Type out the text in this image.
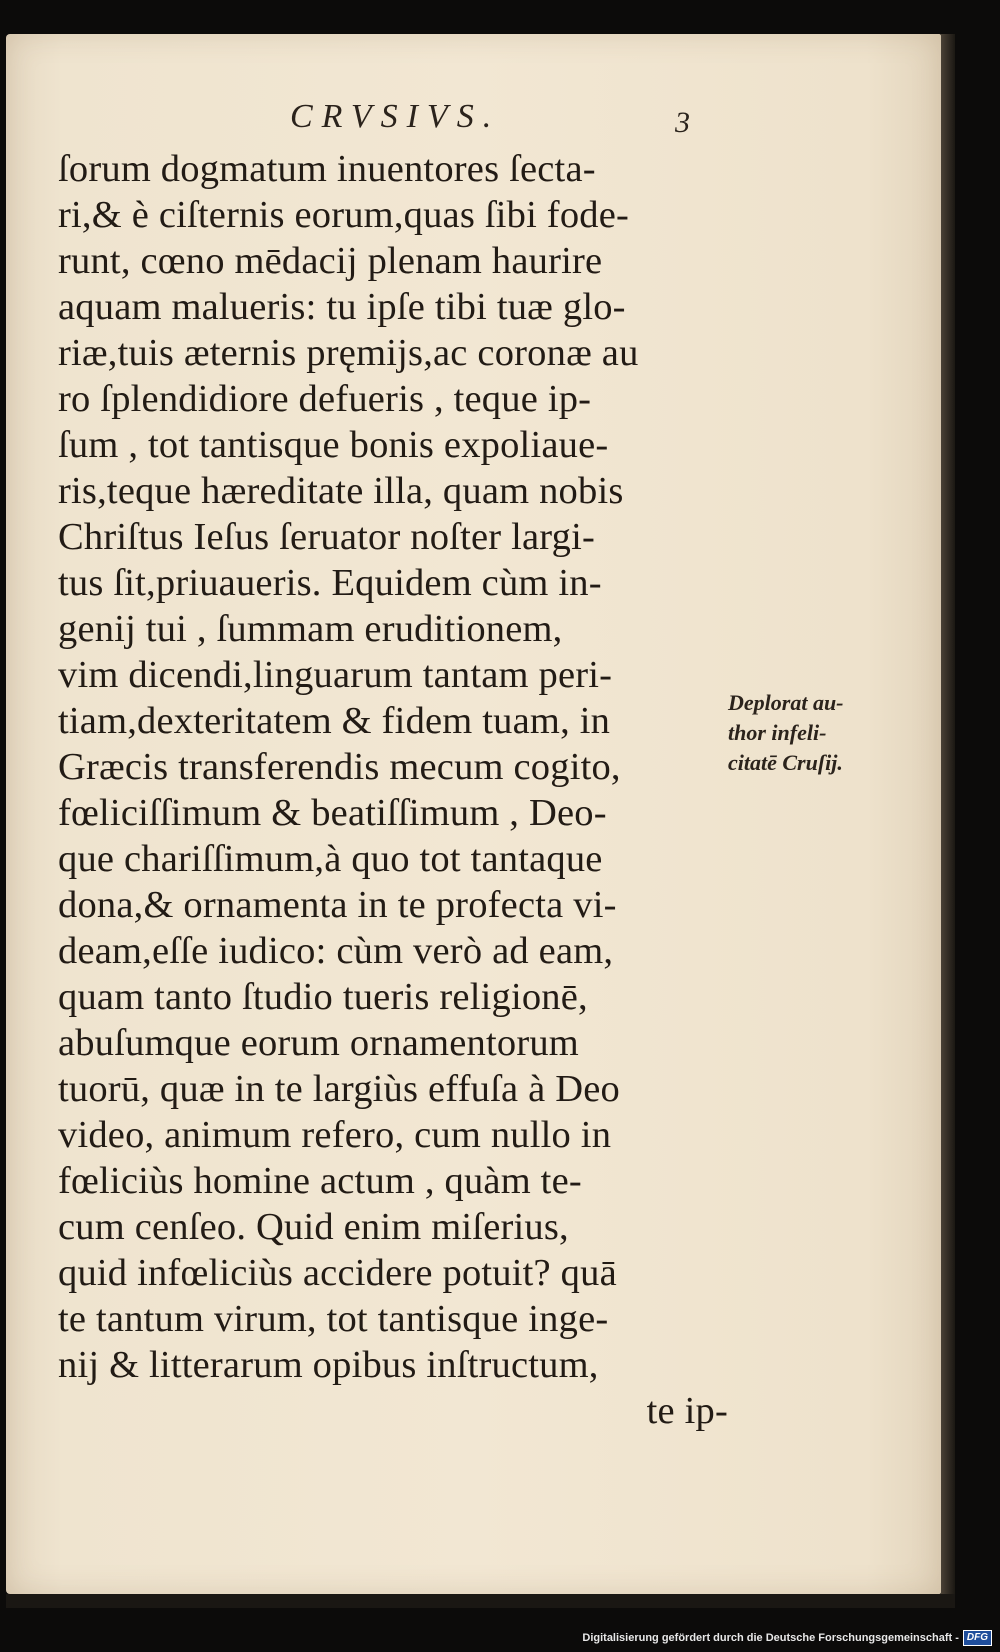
CRVSIVS.	3
ſorum dogmatum inuentores ſecta-
ri,& è ciſternis eorum,quas ſibi fode-
runt, cœno mēdacij plenam haurire
aquam malueris: tu ipſe tibi tuæ glo-
riæ,tuis æternis pręmijs,ac coronæ au
ro ſplendidiore defueris , teque ip-
ſum , tot tantisque bonis expoliaue-
ris,teque hæreditate illa, quam nobis
Chriſtus Ieſus ſeruator noſter largi-
tus ſit,priuaueris. Equidem cùm in-
genij tui , ſummam eruditionem,
vim dicendi,linguarum tantam peri-
tiam,dexteritatem & fidem tuam, in
Græcis transferendis mecum cogito,
fœliciſſimum & beatiſſimum , Deo-
que chariſſimum,à quo tot tantaque
dona,& ornamenta in te profecta vi-
deam,eſſe iudico: cùm verò ad eam,
quam tanto ſtudio tueris religionē,
abuſumque eorum ornamentorum
tuorū, quæ in te largiùs effuſa à Deo
video, animum refero, cum nullo in
fœliciùs homine actum , quàm te-
cum cenſeo. Quid enim miſerius,
quid infœliciùs accidere potuit? quā
te tantum virum, tot tantisque inge-
nij & litterarum opibus inſtructum,
te ip-
Deplorat au-
thor infeli-
citatē Cruſij.
Digitalisierung gefördert durch die Deutsche Forschungsgemeinschaft - DFG
